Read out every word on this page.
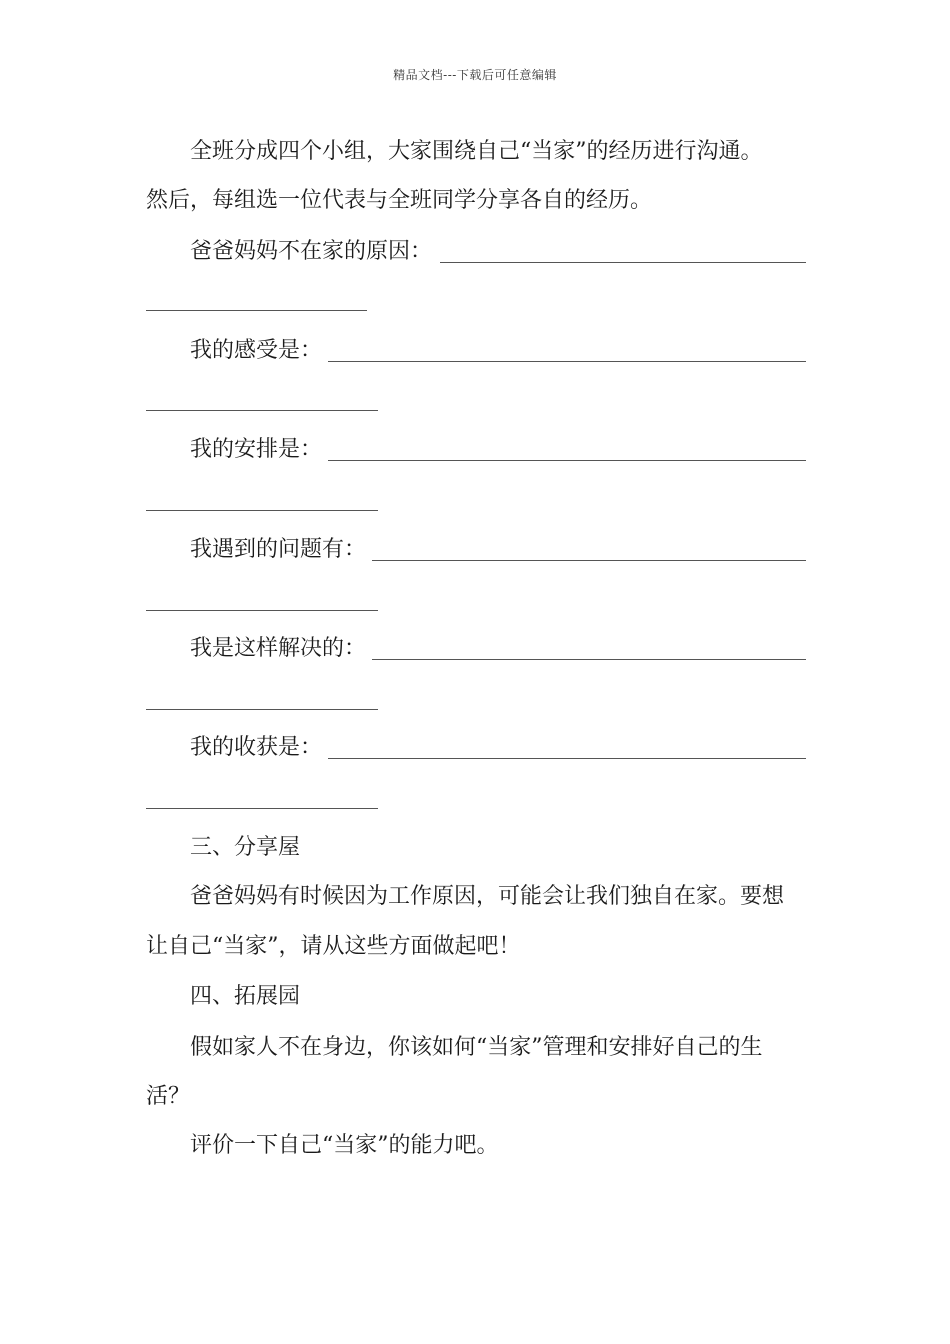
精品文档---下载后可任意编辑
全班分成四个小组，大家围绕自己“当家”的经历进行沟通。
然后，每组选一位代表与全班同学分享各自的经历。
爸爸妈妈不在家的原因：
我的感受是：
我的安排是：
我遇到的问题有：
我是这样解决的：
我的收获是：
三、分享屋
爸爸妈妈有时候因为工作原因，可能会让我们独自在家。要想
让自己“当家”，请从这些方面做起吧！
四、拓展园
假如家人不在身边，你该如何“当家”管理和安排好自己的生
活？
评价一下自己“当家”的能力吧。
